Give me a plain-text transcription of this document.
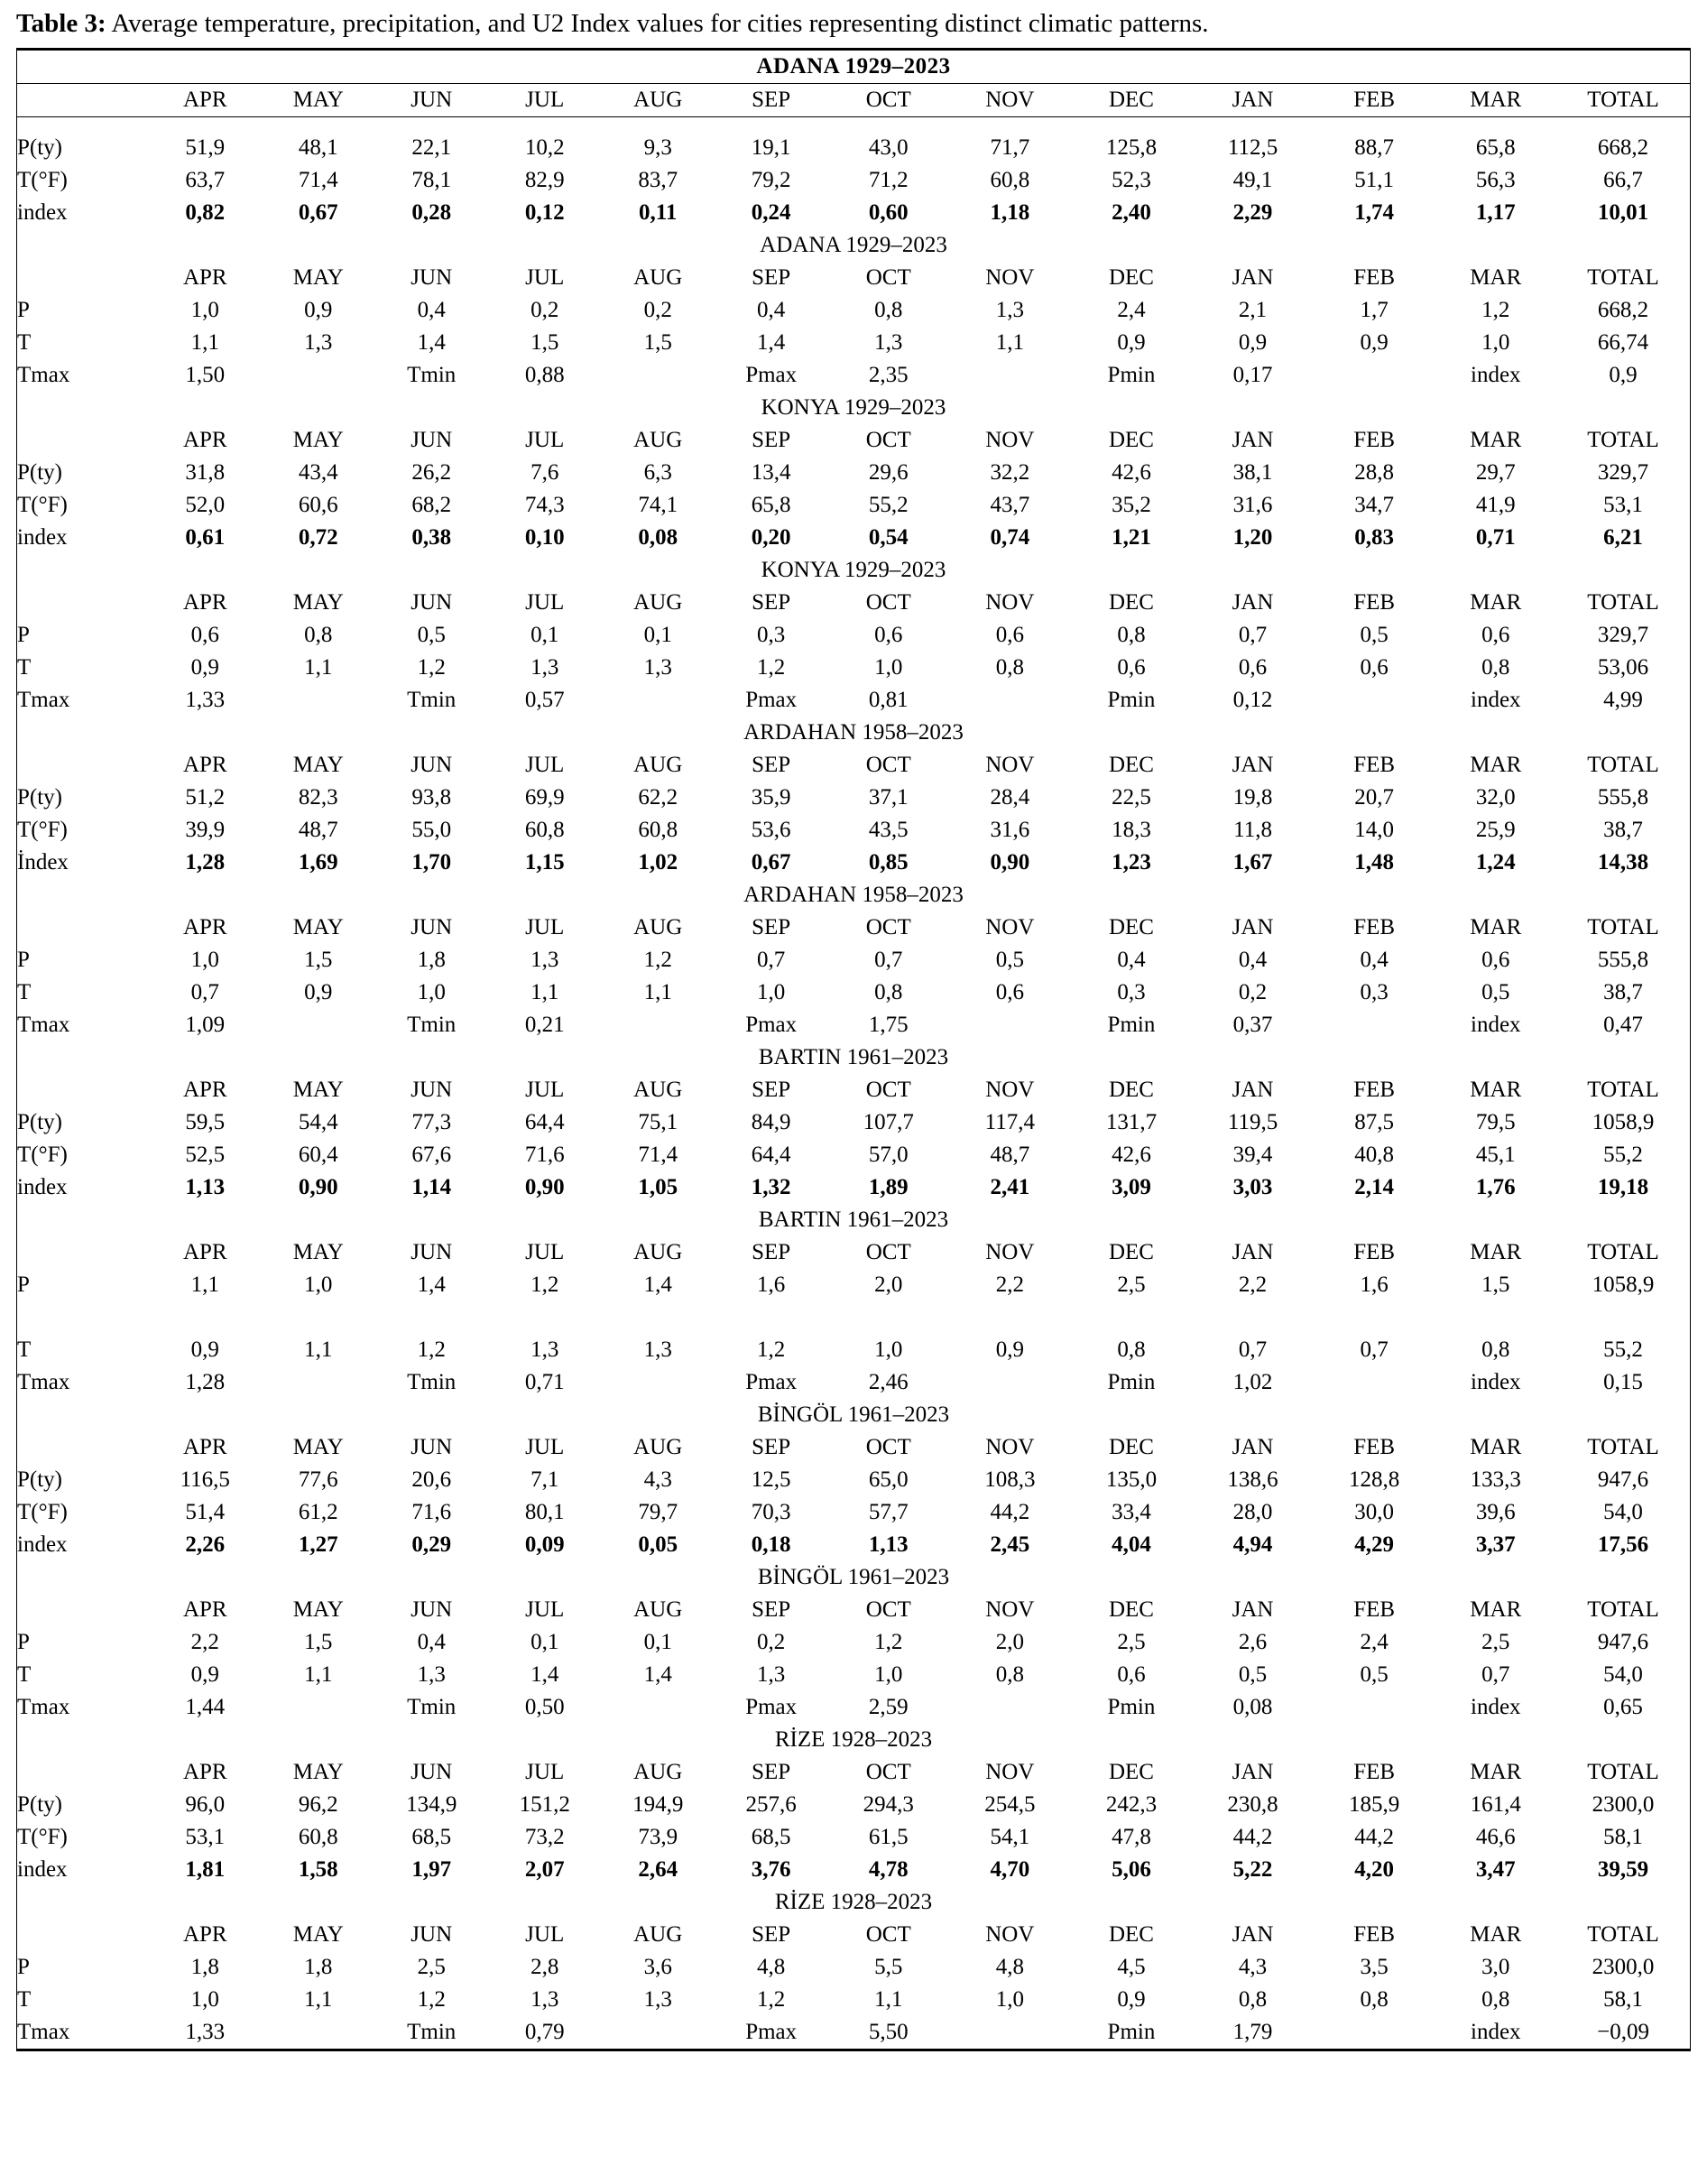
Table 3: Average temperature, precipitation, and U2 Index values for cities representing distinct climatic patterns.
ADANA 1929–2023													
	APR	MAY	JUN	JUL	AUG	SEP	OCT	NOV	DEC	JAN	FEB	MAR	TOTAL

P(ty)	51,9	48,1	22,1	10,2	9,3	19,1	43,0	71,7	125,8	112,5	88,7	65,8	668,2
T(°F)	63,7	71,4	78,1	82,9	83,7	79,2	71,2	60,8	52,3	49,1	51,1	56,3	66,7
index	0,82	0,67	0,28	0,12	0,11	0,24	0,60	1,18	2,40	2,29	1,74	1,17	10,01
ADANA 1929–2023													
	APR	MAY	JUN	JUL	AUG	SEP	OCT	NOV	DEC	JAN	FEB	MAR	TOTAL
P	1,0	0,9	0,4	0,2	0,2	0,4	0,8	1,3	2,4	2,1	1,7	1,2	668,2
T	1,1	1,3	1,4	1,5	1,5	1,4	1,3	1,1	0,9	0,9	0,9	1,0	66,74
Tmax	1,50		Tmin	0,88		Pmax	2,35		Pmin	0,17		index	0,9
KONYA 1929–2023													
	APR	MAY	JUN	JUL	AUG	SEP	OCT	NOV	DEC	JAN	FEB	MAR	TOTAL
P(ty)	31,8	43,4	26,2	7,6	6,3	13,4	29,6	32,2	42,6	38,1	28,8	29,7	329,7
T(°F)	52,0	60,6	68,2	74,3	74,1	65,8	55,2	43,7	35,2	31,6	34,7	41,9	53,1
index	0,61	0,72	0,38	0,10	0,08	0,20	0,54	0,74	1,21	1,20	0,83	0,71	6,21
KONYA 1929–2023													
	APR	MAY	JUN	JUL	AUG	SEP	OCT	NOV	DEC	JAN	FEB	MAR	TOTAL
P	0,6	0,8	0,5	0,1	0,1	0,3	0,6	0,6	0,8	0,7	0,5	0,6	329,7
T	0,9	1,1	1,2	1,3	1,3	1,2	1,0	0,8	0,6	0,6	0,6	0,8	53,06
Tmax	1,33		Tmin	0,57		Pmax	0,81		Pmin	0,12		index	4,99
ARDAHAN 1958–2023													
	APR	MAY	JUN	JUL	AUG	SEP	OCT	NOV	DEC	JAN	FEB	MAR	TOTAL
P(ty)	51,2	82,3	93,8	69,9	62,2	35,9	37,1	28,4	22,5	19,8	20,7	32,0	555,8
T(°F)	39,9	48,7	55,0	60,8	60,8	53,6	43,5	31,6	18,3	11,8	14,0	25,9	38,7
İndex	1,28	1,69	1,70	1,15	1,02	0,67	0,85	0,90	1,23	1,67	1,48	1,24	14,38
ARDAHAN 1958–2023													
	APR	MAY	JUN	JUL	AUG	SEP	OCT	NOV	DEC	JAN	FEB	MAR	TOTAL
P	1,0	1,5	1,8	1,3	1,2	0,7	0,7	0,5	0,4	0,4	0,4	0,6	555,8
T	0,7	0,9	1,0	1,1	1,1	1,0	0,8	0,6	0,3	0,2	0,3	0,5	38,7
Tmax	1,09		Tmin	0,21		Pmax	1,75		Pmin	0,37		index	0,47
BARTIN 1961–2023													
	APR	MAY	JUN	JUL	AUG	SEP	OCT	NOV	DEC	JAN	FEB	MAR	TOTAL
P(ty)	59,5	54,4	77,3	64,4	75,1	84,9	107,7	117,4	131,7	119,5	87,5	79,5	1058,9
T(°F)	52,5	60,4	67,6	71,6	71,4	64,4	57,0	48,7	42,6	39,4	40,8	45,1	55,2
index	1,13	0,90	1,14	0,90	1,05	1,32	1,89	2,41	3,09	3,03	2,14	1,76	19,18
BARTIN 1961–2023													
	APR	MAY	JUN	JUL	AUG	SEP	OCT	NOV	DEC	JAN	FEB	MAR	TOTAL
P	1,1	1,0	1,4	1,2	1,4	1,6	2,0	2,2	2,5	2,2	1,6	1,5	1058,9

T	0,9	1,1	1,2	1,3	1,3	1,2	1,0	0,9	0,8	0,7	0,7	0,8	55,2
Tmax	1,28		Tmin	0,71		Pmax	2,46		Pmin	1,02		index	0,15
BİNGÖL 1961–2023													
	APR	MAY	JUN	JUL	AUG	SEP	OCT	NOV	DEC	JAN	FEB	MAR	TOTAL
P(ty)	116,5	77,6	20,6	7,1	4,3	12,5	65,0	108,3	135,0	138,6	128,8	133,3	947,6
T(°F)	51,4	61,2	71,6	80,1	79,7	70,3	57,7	44,2	33,4	28,0	30,0	39,6	54,0
index	2,26	1,27	0,29	0,09	0,05	0,18	1,13	2,45	4,04	4,94	4,29	3,37	17,56
BİNGÖL 1961–2023													
	APR	MAY	JUN	JUL	AUG	SEP	OCT	NOV	DEC	JAN	FEB	MAR	TOTAL
P	2,2	1,5	0,4	0,1	0,1	0,2	1,2	2,0	2,5	2,6	2,4	2,5	947,6
T	0,9	1,1	1,3	1,4	1,4	1,3	1,0	0,8	0,6	0,5	0,5	0,7	54,0
Tmax	1,44		Tmin	0,50		Pmax	2,59		Pmin	0,08		index	0,65
RİZE 1928–2023													
	APR	MAY	JUN	JUL	AUG	SEP	OCT	NOV	DEC	JAN	FEB	MAR	TOTAL
P(ty)	96,0	96,2	134,9	151,2	194,9	257,6	294,3	254,5	242,3	230,8	185,9	161,4	2300,0
T(°F)	53,1	60,8	68,5	73,2	73,9	68,5	61,5	54,1	47,8	44,2	44,2	46,6	58,1
index	1,81	1,58	1,97	2,07	2,64	3,76	4,78	4,70	5,06	5,22	4,20	3,47	39,59
RİZE 1928–2023													
	APR	MAY	JUN	JUL	AUG	SEP	OCT	NOV	DEC	JAN	FEB	MAR	TOTAL
P	1,8	1,8	2,5	2,8	3,6	4,8	5,5	4,8	4,5	4,3	3,5	3,0	2300,0
T	1,0	1,1	1,2	1,3	1,3	1,2	1,1	1,0	0,9	0,8	0,8	0,8	58,1
Tmax	1,33		Tmin	0,79		Pmax	5,50		Pmin	1,79		index	−0,09
